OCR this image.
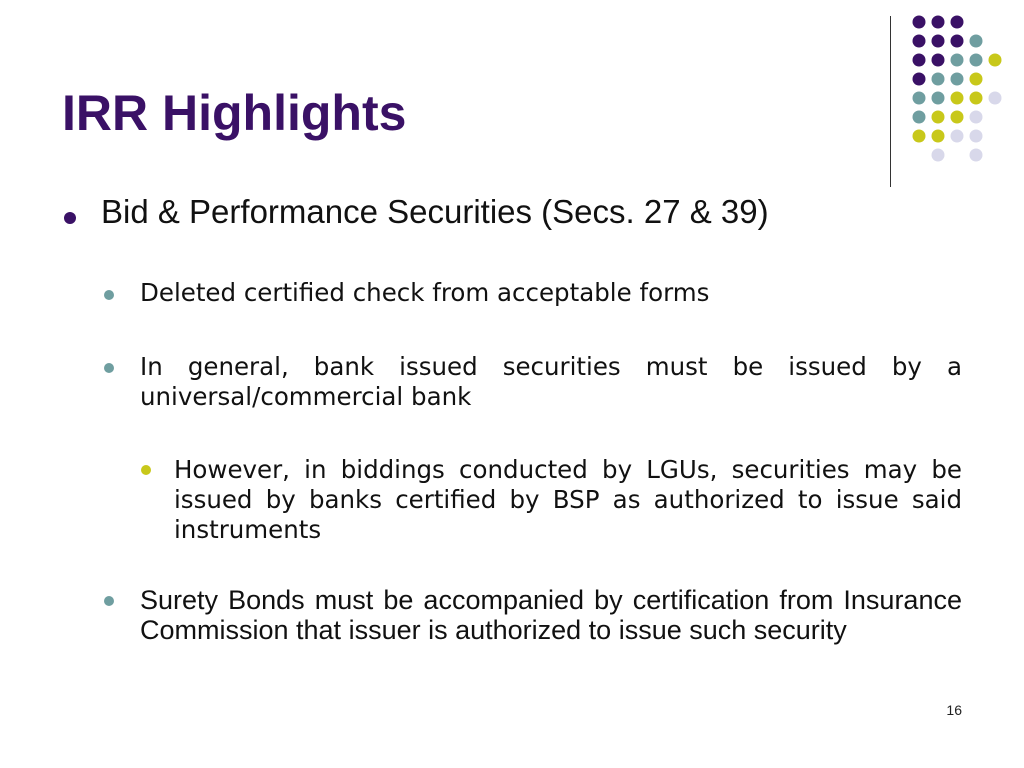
IRR Highlights
Bid & Performance Securities (Secs. 27 & 39)
Deleted certified check from acceptable forms
In general, bank issued securities must be issued by a universal/commercial bank
However, in biddings conducted by LGUs, securities may be issued by banks certified by BSP as authorized to issue said instruments
Surety Bonds must be accompanied by certification from Insurance Commission that issuer is authorized to issue such security
16
